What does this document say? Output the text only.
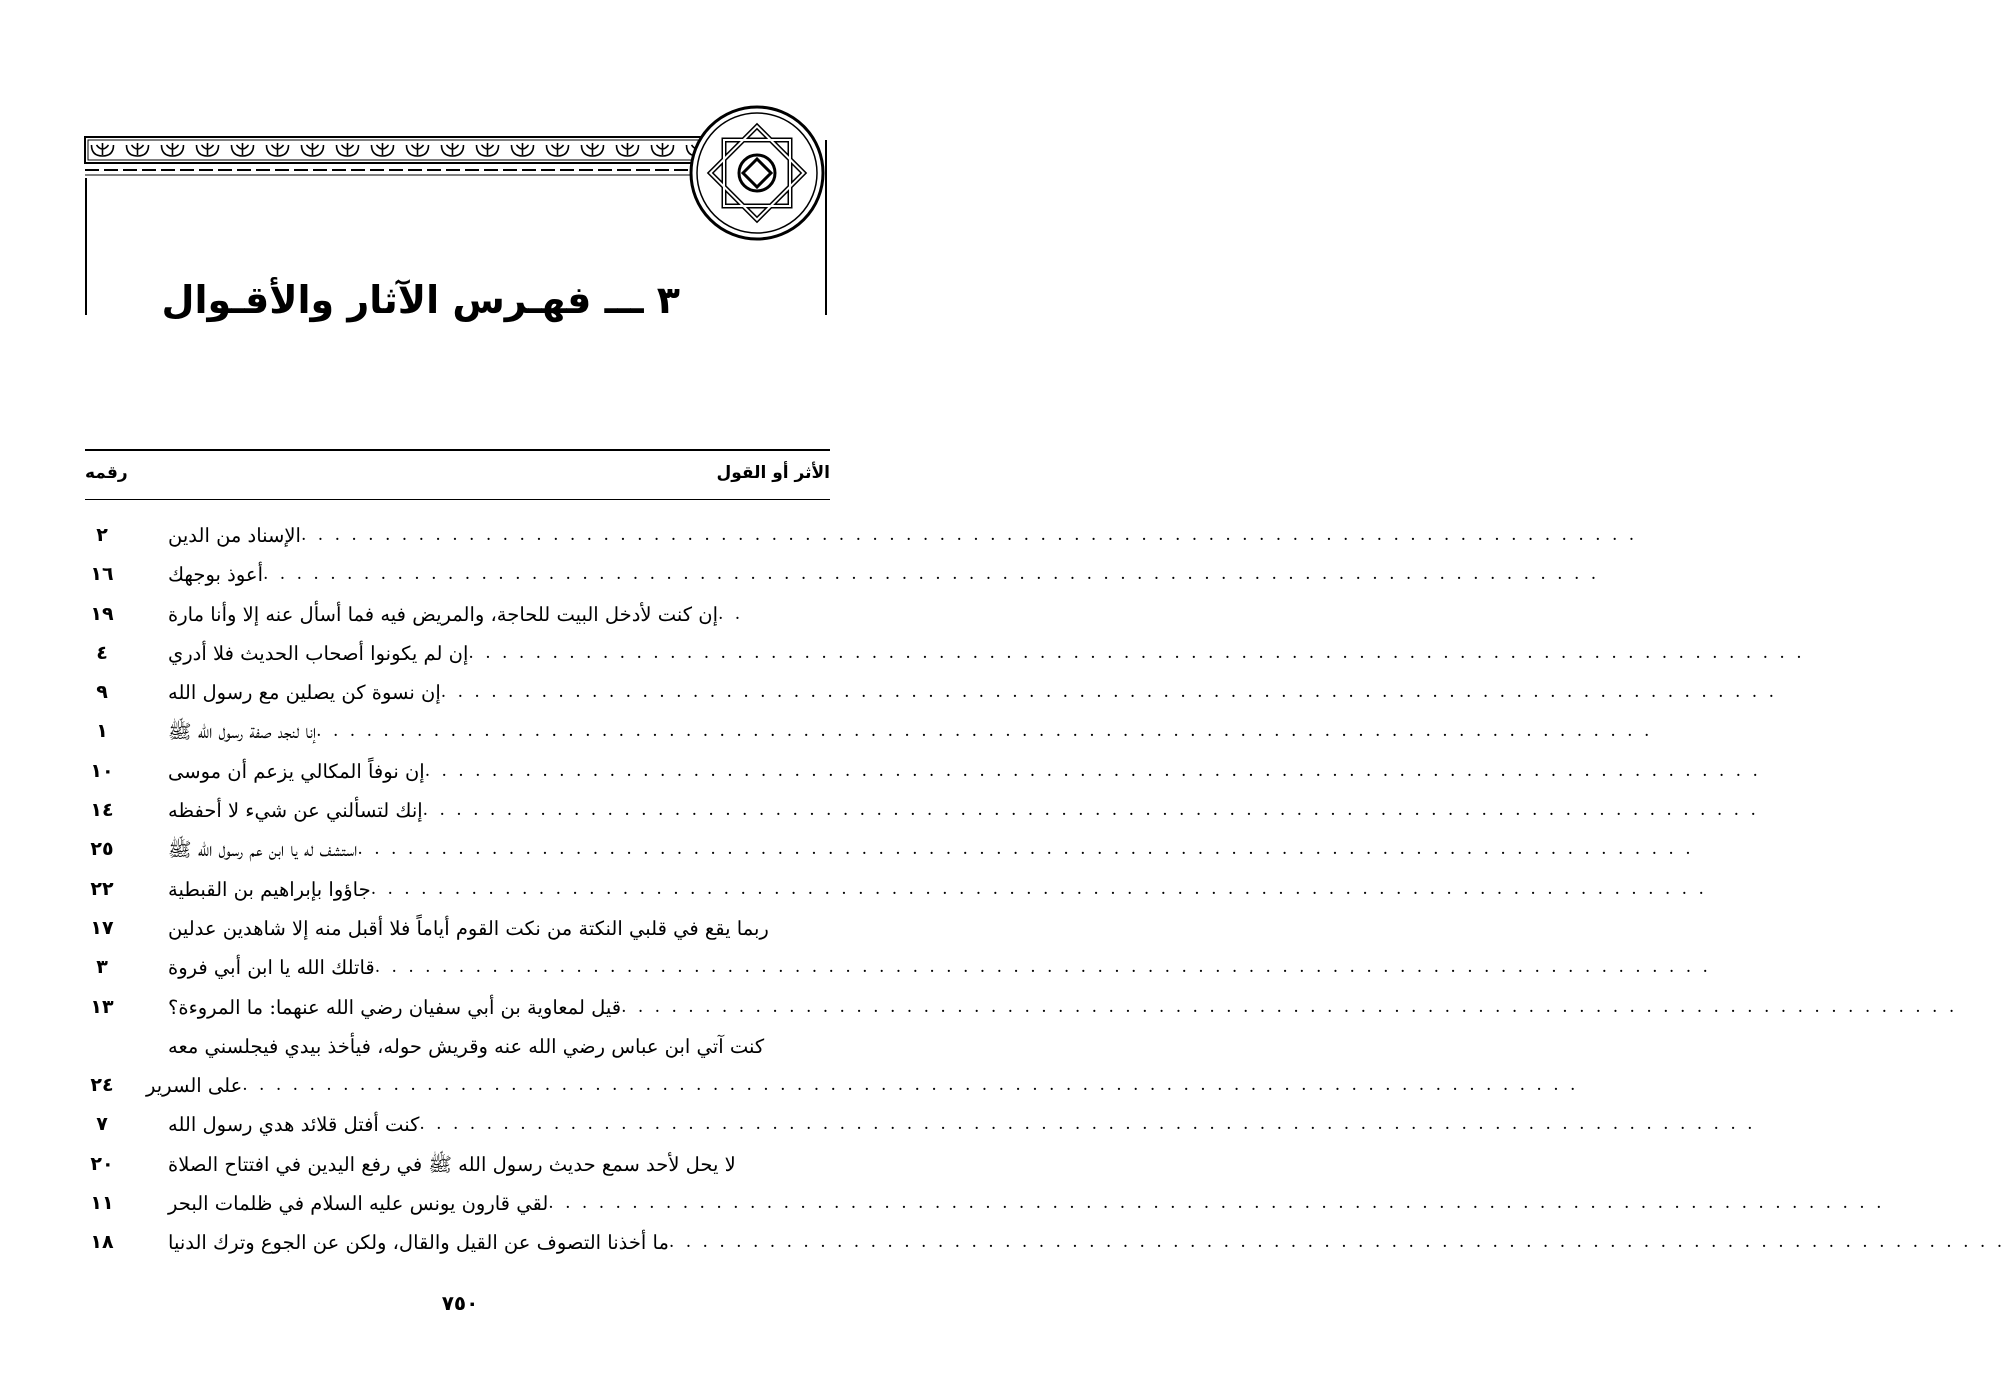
٣ ـــ فهـرس الآثار والأقـوال
الأثر أو القول
رقمه
الإسناد من الدين . . . . . . . . . . . . . . . . . . . . . . . . . . . . . . . . . . . . . . . . . . . . . . . . . . . . . . . . . . . . . . . . . . . . . . . . . . . . . . . .
٢
أعوذ بوجهك . . . . . . . . . . . . . . . . . . . . . . . . . . . . . . . . . . . . . . . . . . . . . . . . . . . . . . . . . . . . . . . . . . . . . . . . . . . . . . . .
١٦
إن كنت لأدخل البيت للحاجة، والمريض فيه فما أسأل عنه إلا وأنا مارة . .
١٩
إن لم يكونوا أصحاب الحديث فلا أدري . . . . . . . . . . . . . . . . . . . . . . . . . . . . . . . . . . . . . . . . . . . . . . . . . . . . . . . . . . . . . . . . . . . . . . . . . . . . . . . .
٤
إن نسوة كن يصلين مع رسول الله . . . . . . . . . . . . . . . . . . . . . . . . . . . . . . . . . . . . . . . . . . . . . . . . . . . . . . . . . . . . . . . . . . . . . . . . . . . . . . . .
٩
إنا لنجد صفة رسول الله ﷺ . . . . . . . . . . . . . . . . . . . . . . . . . . . . . . . . . . . . . . . . . . . . . . . . . . . . . . . . . . . . . . . . . . . . . . . . . . . . . . . .
١
إن نوفاً المكالي يزعم أن موسى . . . . . . . . . . . . . . . . . . . . . . . . . . . . . . . . . . . . . . . . . . . . . . . . . . . . . . . . . . . . . . . . . . . . . . . . . . . . . . . .
١٠
إنك لتسألني عن شيء لا أحفظه . . . . . . . . . . . . . . . . . . . . . . . . . . . . . . . . . . . . . . . . . . . . . . . . . . . . . . . . . . . . . . . . . . . . . . . . . . . . . . . .
١٤
استشف له يا ابن عم رسول الله ﷺ . . . . . . . . . . . . . . . . . . . . . . . . . . . . . . . . . . . . . . . . . . . . . . . . . . . . . . . . . . . . . . . . . . . . . . . . . . . . . . . .
٢٥
جاؤوا بإبراهيم بن القبطية . . . . . . . . . . . . . . . . . . . . . . . . . . . . . . . . . . . . . . . . . . . . . . . . . . . . . . . . . . . . . . . . . . . . . . . . . . . . . . . .
٢٢
ربما يقع في قلبي النكتة من نكت القوم أياماً فلا أقبل منه إلا شاهدين عدلين
١٧
قاتلك الله يا ابن أبي فروة . . . . . . . . . . . . . . . . . . . . . . . . . . . . . . . . . . . . . . . . . . . . . . . . . . . . . . . . . . . . . . . . . . . . . . . . . . . . . . . .
٣
قيل لمعاوية بن أبي سفيان رضي الله عنهما: ما المروءة؟ . . . . . . . . . . . . . . . . . . . . . . . . . . . . . . . . . . . . . . . . . . . . . . . . . . . . . . . . . . . . . . . . . . . . . . . . . . . . . . . .
١٣
كنت آتي ابن عباس رضي الله عنه وقريش حوله، فيأخذ بيدي فيجلسني معه
على السرير . . . . . . . . . . . . . . . . . . . . . . . . . . . . . . . . . . . . . . . . . . . . . . . . . . . . . . . . . . . . . . . . . . . . . . . . . . . . . . . .
٢٤
كنت أفتل قلائد هدي رسول الله . . . . . . . . . . . . . . . . . . . . . . . . . . . . . . . . . . . . . . . . . . . . . . . . . . . . . . . . . . . . . . . . . . . . . . . . . . . . . . . .
٧
لا يحل لأحد سمع حديث رسول الله ﷺ في رفع اليدين في افتتاح الصلاة
٢٠
لقي قارون يونس عليه السلام في ظلمات البحر . . . . . . . . . . . . . . . . . . . . . . . . . . . . . . . . . . . . . . . . . . . . . . . . . . . . . . . . . . . . . . . . . . . . . . . . . . . . . . . .
١١
ما أخذنا التصوف عن القيل والقال، ولكن عن الجوع وترك الدنيا . . . . . . . . . . . . . . . . . . . . . . . . . . . . . . . . . . . . . . . . . . . . . . . . . . . . . . . . . . . . . . . . . . . . . . . . . . . . . . . .
١٨
٧٥٠
